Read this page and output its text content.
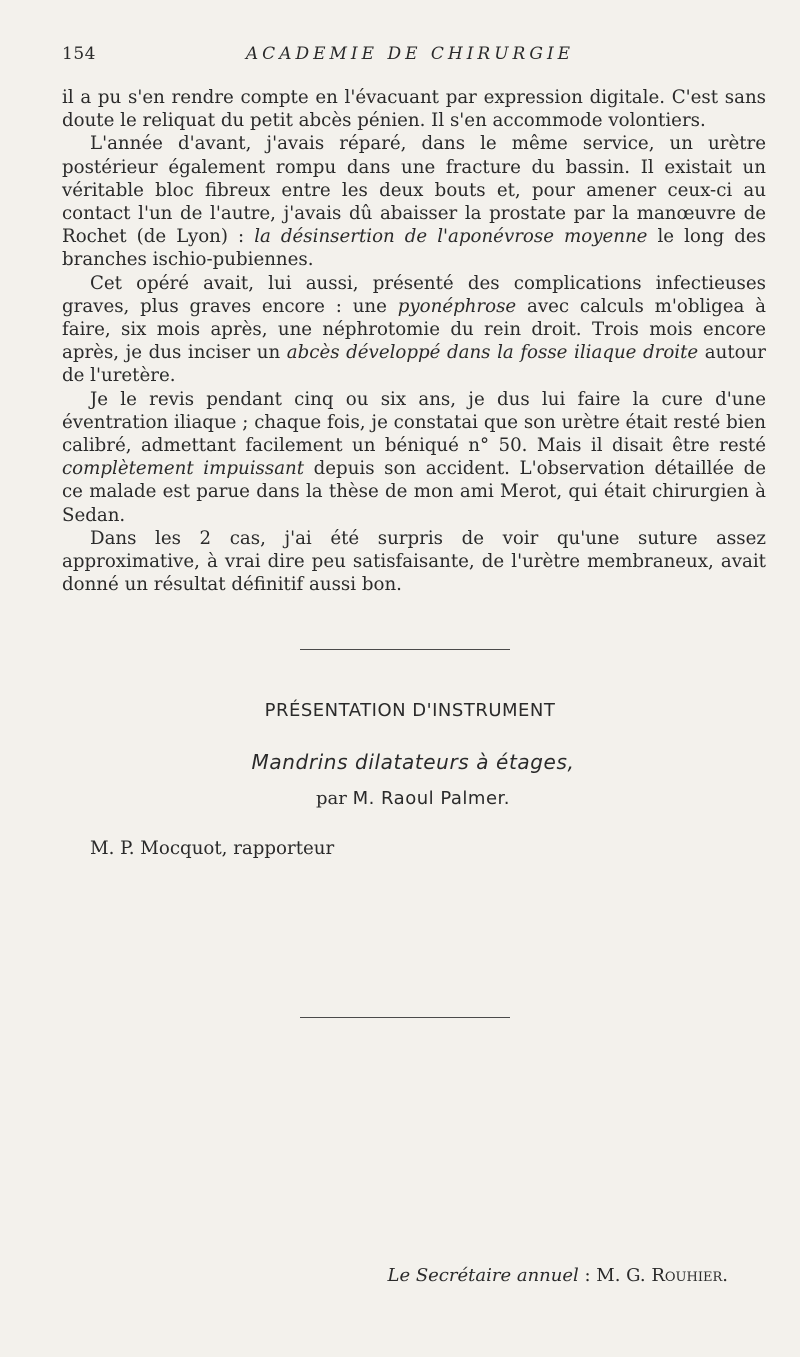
154	ACADEMIE DE CHIRURGIE

il a pu s'en rendre compte en l'évacuant par expression digitale. C'est sans doute le reliquat du petit abcès pénien. Il s'en accommode volontiers.

L'année d'avant, j'avais réparé, dans le même service, un urètre postérieur également rompu dans une fracture du bassin. Il existait un véritable bloc fibreux entre les deux bouts et, pour amener ceux-ci au contact l'un de l'autre, j'avais dû abaisser la prostate par la manœuvre de Rochet (de Lyon) : la désinsertion de l'aponévrose moyenne le long des branches ischio-pubiennes.

Cet opéré avait, lui aussi, présenté des complications infectieuses graves, plus graves encore : une pyonéphrose avec calculs m'obligea à faire, six mois après, une néphrotomie du rein droit. Trois mois encore après, je dus inciser un abcès développé dans la fosse iliaque droite autour de l'uretère.

Je le revis pendant cinq ou six ans, je dus lui faire la cure d'une éventration iliaque ; chaque fois, je constatai que son urètre était resté bien calibré, admettant facilement un béniqué n° 50. Mais il disait être resté complètement impuissant depuis son accident. L'observation détaillée de ce malade est parue dans la thèse de mon ami Merot, qui était chirurgien à Sedan.

Dans les 2 cas, j'ai été surpris de voir qu'une suture assez approximative, à vrai dire peu satisfaisante, de l'urètre membraneux, avait donné un résultat définitif aussi bon.

PRÉSENTATION D'INSTRUMENT
Mandrins dilatateurs à étages,
par M. Raoul Palmer.
M. P. Mocquot, rapporteur
Le Secrétaire annuel : M. G. Rouhier.
